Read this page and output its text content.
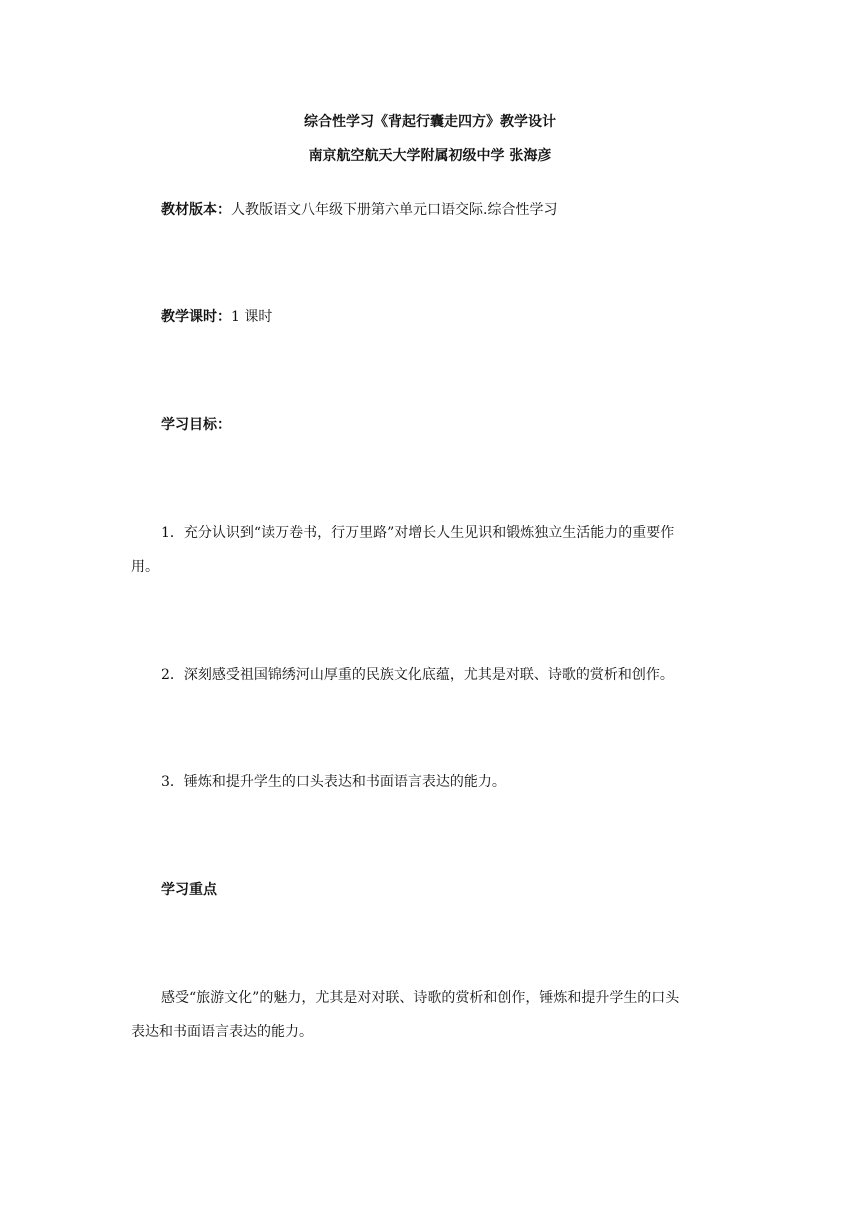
综合性学习《背起行囊走四方》教学设计
南京航空航天大学附属初级中学 张海彦
教材版本：人教版语文八年级下册第六单元口语交际.综合性学习
教学课时：1 课时
学习目标：
1．充分认识到“读万卷书，行万里路”对增长人生见识和锻炼独立生活能力的重要作
用。
2．深刻感受祖国锦绣河山厚重的民族文化底蕴，尤其是对联、诗歌的赏析和创作。
3．锤炼和提升学生的口头表达和书面语言表达的能力。
学习重点
感受“旅游文化”的魅力，尤其是对对联、诗歌的赏析和创作，锤炼和提升学生的口头
表达和书面语言表达的能力。
